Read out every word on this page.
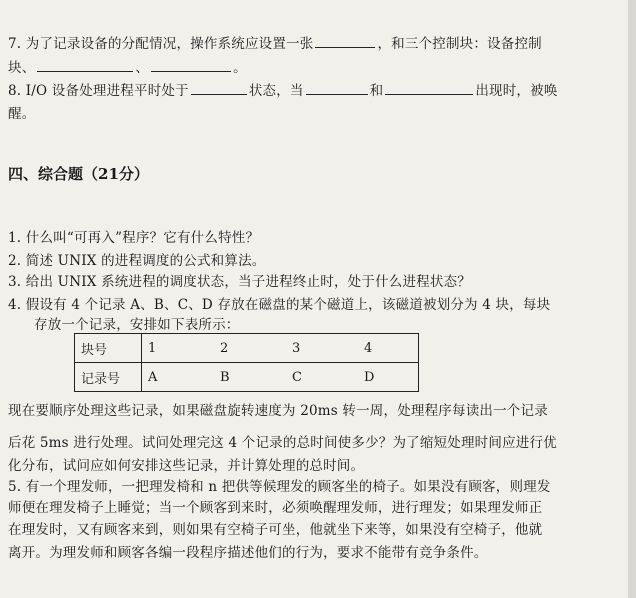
7. 为了记录设备的分配情况，操作系统应设置一张	，和三个控制块：设备控制
块、	、	。
8. I/O 设备处理进程平时处于	状态，当	和	出现时，被唤
醒。
四、综合题（21分）
1. 什么叫“可再入”程序？它有什么特性？
2. 简述 UNIX 的进程调度的公式和算法。
3. 给出 UNIX 系统进程的调度状态，当子进程终止时，处于什么进程状态？
4. 假设有 4 个记录 A、B、C、D 存放在磁盘的某个磁道上，该磁道被划分为 4 块，每块
存放一个记录，安排如下表所示：
块号	1	2	3	4
记录号	A	B	C	D
现在要顺序处理这些记录，如果磁盘旋转速度为 20ms 转一周，处理程序每读出一个记录
后花 5ms 进行处理。试问处理完这 4 个记录的总时间使多少？为了缩短处理时间应进行优
化分布，试问应如何安排这些记录，并计算处理的总时间。
5. 有一个理发师，一把理发椅和 n 把供等候理发的顾客坐的椅子。如果没有顾客，则理发
师便在理发椅子上睡觉；当一个顾客到来时，必须唤醒理发师，进行理发；如果理发师正
在理发时，又有顾客来到，则如果有空椅子可坐，他就坐下来等，如果没有空椅子，他就
离开。为理发师和顾客各编一段程序描述他们的行为，要求不能带有竞争条件。
